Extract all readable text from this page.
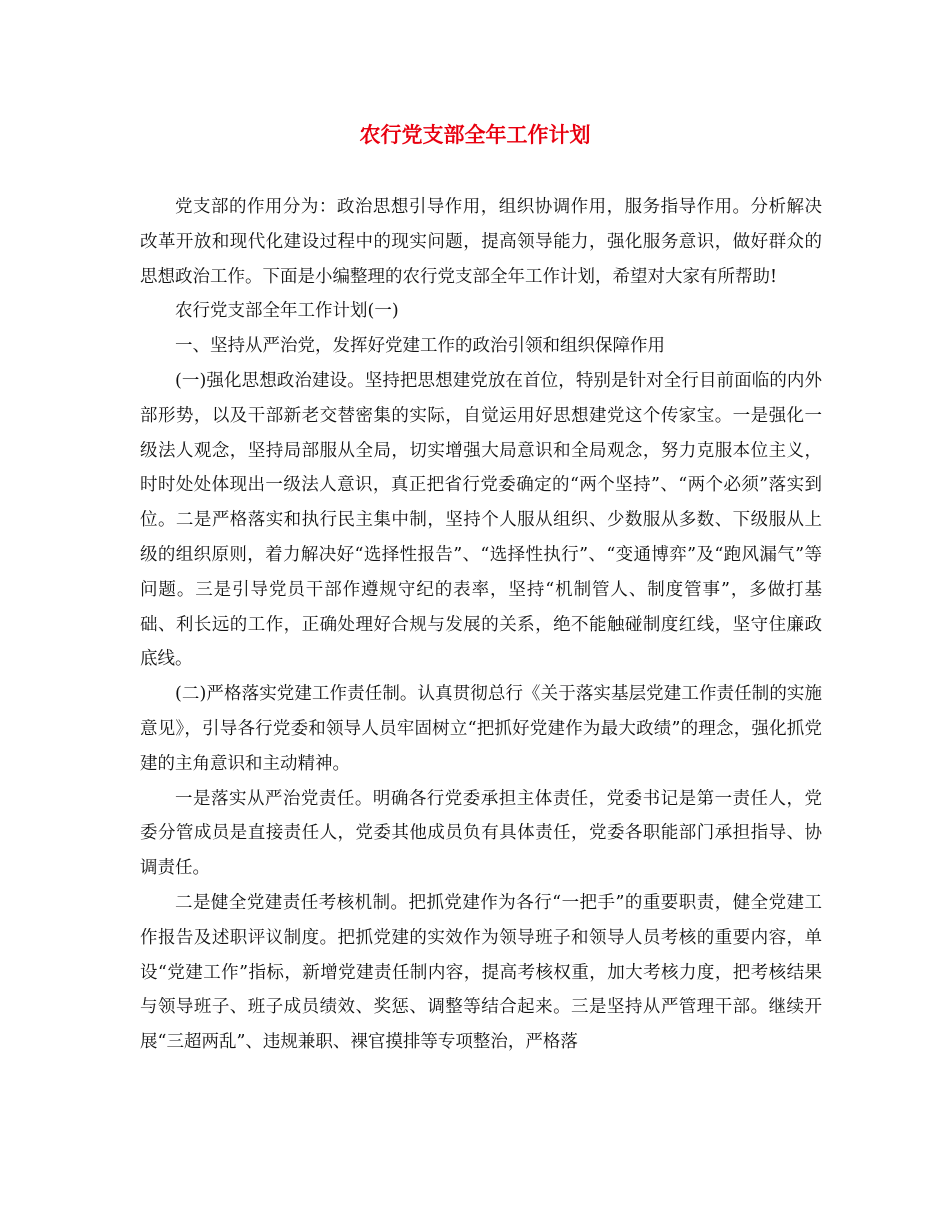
农行党支部全年工作计划

党支部的作用分为：政治思想引导作用，组织协调作用，服务指导作用。分析解决改革开放和现代化建设过程中的现实问题，提高领导能力，强化服务意识，做好群众的思想政治工作。下面是小编整理的农行党支部全年工作计划，希望对大家有所帮助!

农行党支部全年工作计划(一)

一、坚持从严治党，发挥好党建工作的政治引领和组织保障作用

(一)强化思想政治建设。坚持把思想建党放在首位，特别是针对全行目前面临的内外部形势，以及干部新老交替密集的实际，自觉运用好思想建党这个传家宝。一是强化一级法人观念，坚持局部服从全局，切实增强大局意识和全局观念，努力克服本位主义，时时处处体现出一级法人意识，真正把省行党委确定的“两个坚持”、“两个必须”落实到位。二是严格落实和执行民主集中制，坚持个人服从组织、少数服从多数、下级服从上级的组织原则，着力解决好“选择性报告”、“选择性执行”、“变通博弈”及“跑风漏气”等问题。三是引导党员干部作遵规守纪的表率，坚持“机制管人、制度管事”，多做打基础、利长远的工作，正确处理好合规与发展的关系，绝不能触碰制度红线，坚守住廉政底线。

(二)严格落实党建工作责任制。认真贯彻总行《关于落实基层党建工作责任制的实施意见》，引导各行党委和领导人员牢固树立“把抓好党建作为最大政绩”的理念，强化抓党建的主角意识和主动精神。

一是落实从严治党责任。明确各行党委承担主体责任，党委书记是第一责任人，党委分管成员是直接责任人，党委其他成员负有具体责任，党委各职能部门承担指导、协调责任。

二是健全党建责任考核机制。把抓党建作为各行“一把手”的重要职责，健全党建工作报告及述职评议制度。把抓党建的实效作为领导班子和领导人员考核的重要内容，单设“党建工作”指标，新增党建责任制内容，提高考核权重，加大考核力度，把考核结果与领导班子、班子成员绩效、奖惩、调整等结合起来。三是坚持从严管理干部。继续开展“三超两乱”、违规兼职、裸官摸排等专项整治，严格落
